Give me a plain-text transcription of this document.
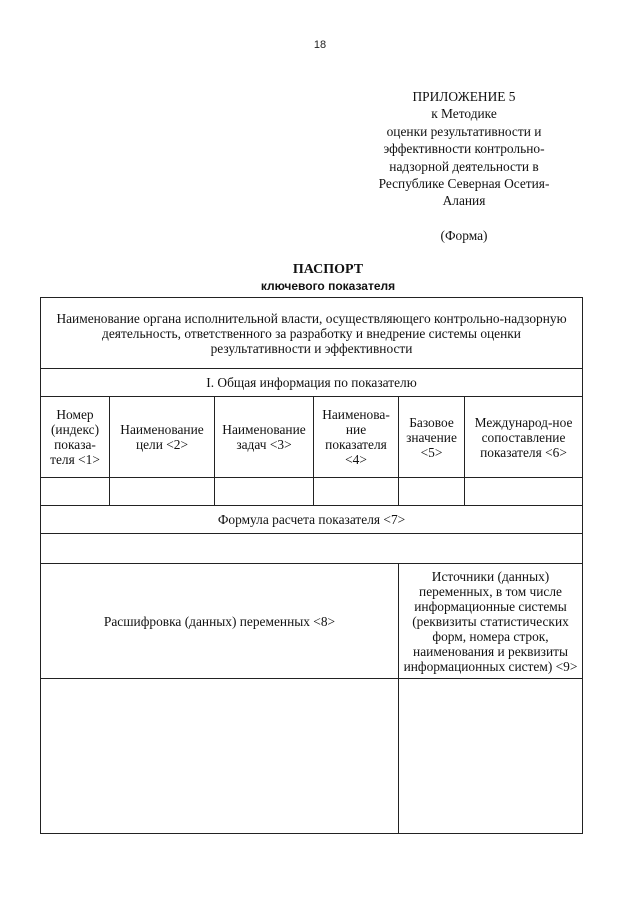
18
ПРИЛОЖЕНИЕ 5
к Методике
оценки результативности и
эффективности контрольно-
надзорной деятельности в
Республике Северная Осетия-
Алания
(Форма)
ПАСПОРТ
ключевого показателя
Наименование органа исполнительной власти, осуществляющего контрольно-надзорную деятельность, ответственного за разработку и внедрение системы оценки результативности и эффективности					
I. Общая информация по показателю					
Номер (индекс) показа-теля <1>	Наименование цели <2>	Наименование задач <3>	Наименова-ние показателя <4>	Базовое значение <5>	Международ-ное сопоставление показателя <6>

Формула расчета показателя <7>					

Расшифровка (данных) переменных <8>				Источники (данных) переменных, в том числе информационные системы (реквизиты статистических форм, номера строк, наименования и реквизиты информационных систем) <9>	
